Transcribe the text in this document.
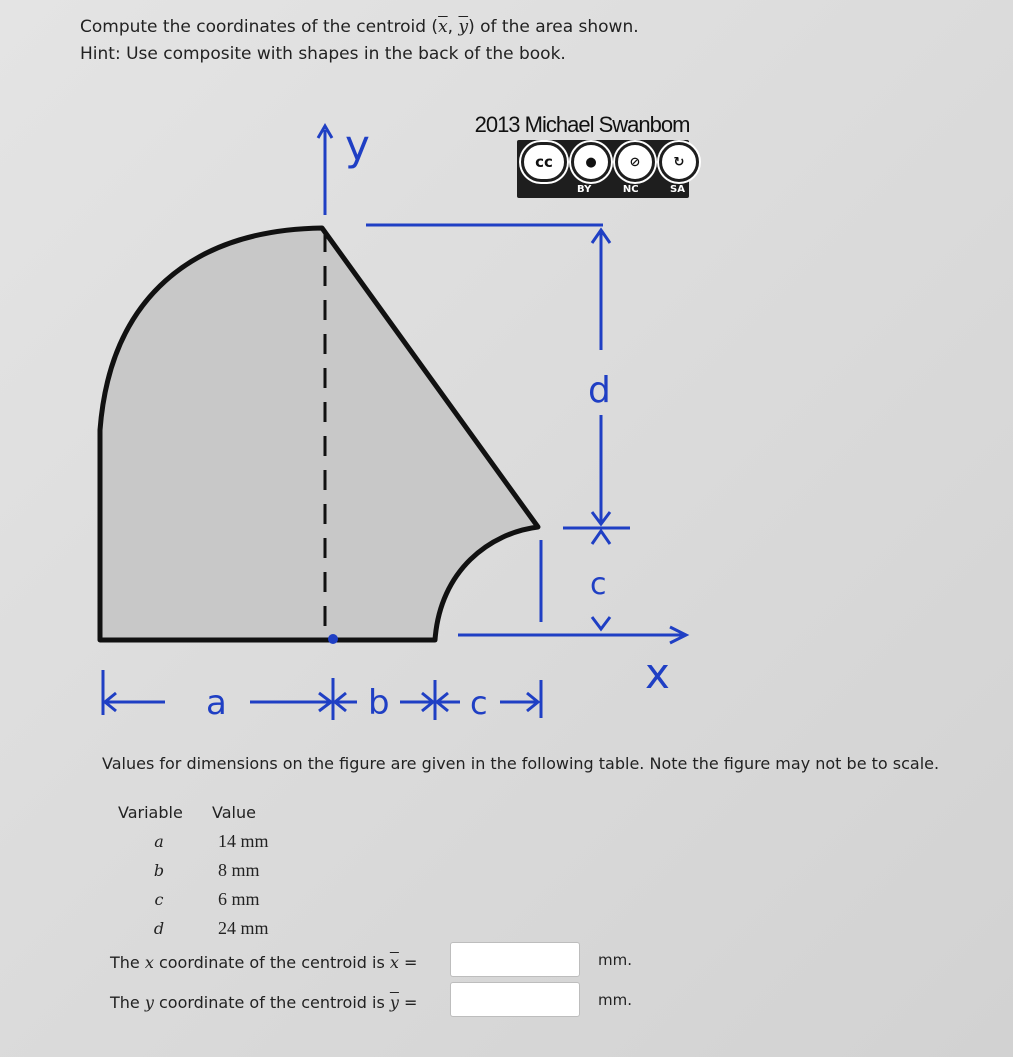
Compute the coordinates of the centroid ($\overline{x}$, $\overline{y}$) of the area shown.

Hint: Use composite with shapes in the back of the book.

2013 Michael Swanbom
cc	●	⊘	↻
BY	NC	SA
y
x
d
c
a	b	c
Values for dimensions on the figure are given in the following table. Note the figure may not be to scale.
Variable	Value
a	14 mm
b	8 mm
c	6 mm
d	24 mm
The x coordinate of the centroid is $\overline{x}$ =	mm.
The y coordinate of the centroid is $\overline{y}$ =	mm.
